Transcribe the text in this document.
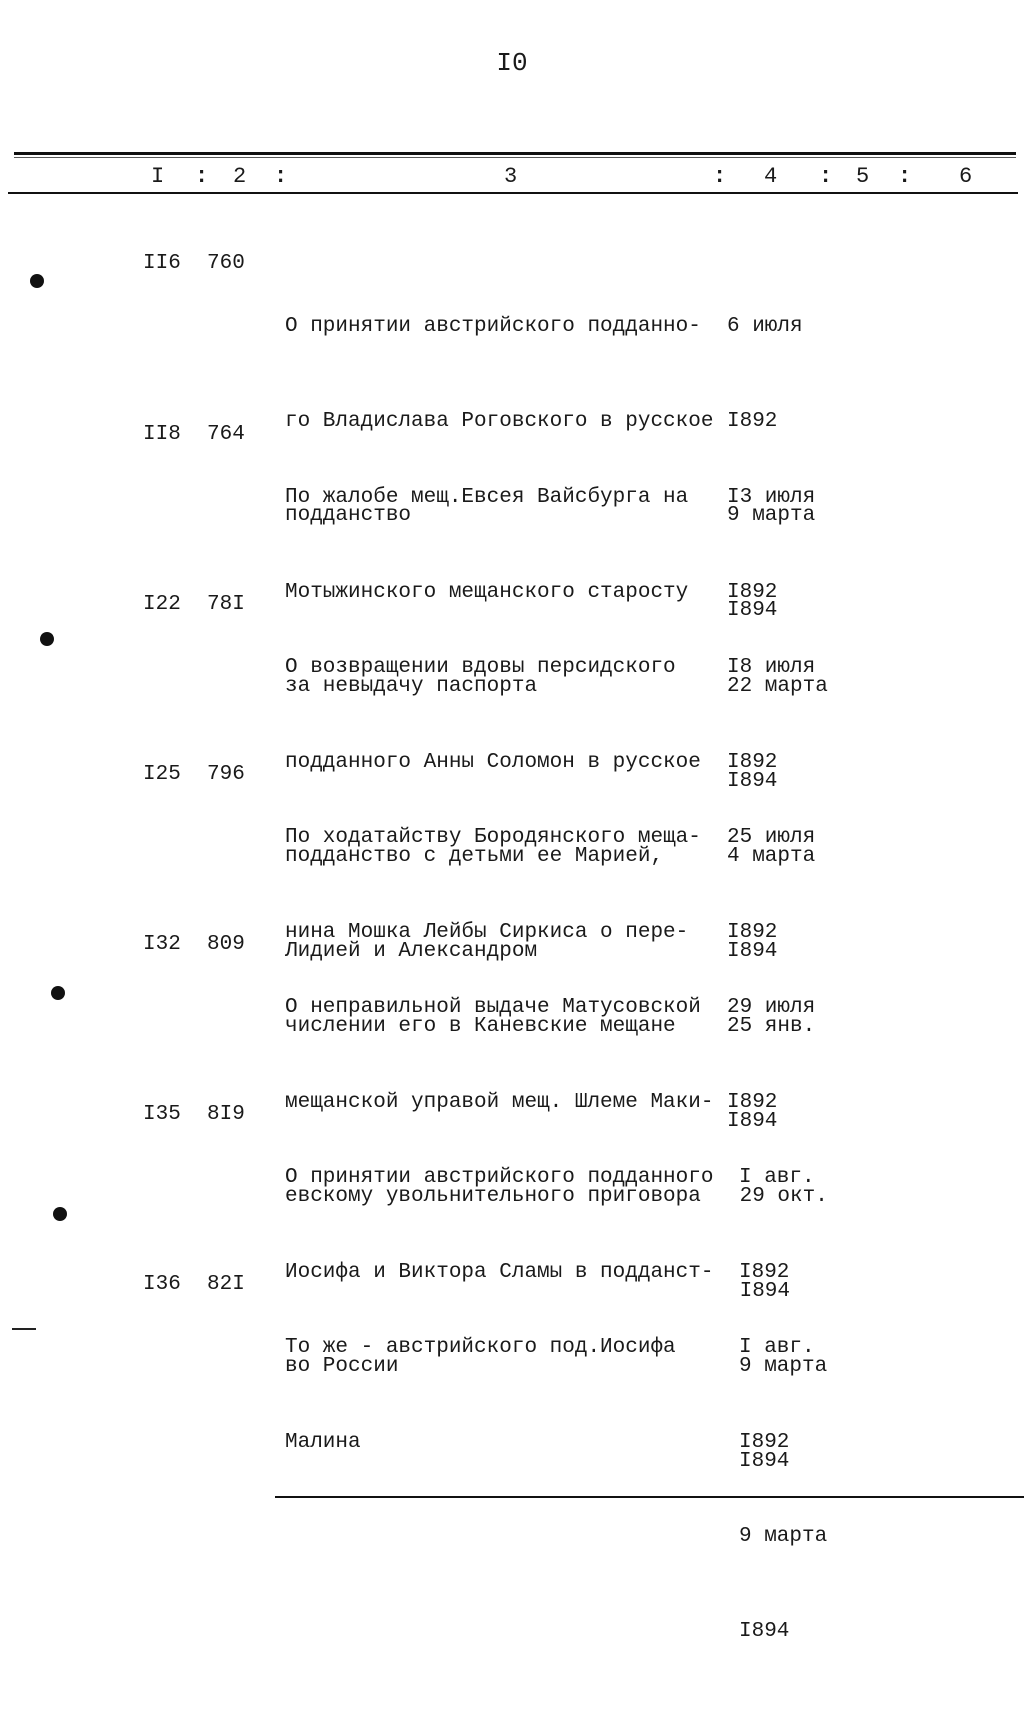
I0
I : 2 :	3	: 4 : 5 : 6
II6 760

О принятии австрийского подданно-

го Владислава Роговского в русское

подданство

6 июля

I892

9 марта

I894

II8 764

По жалобе мещ.Евсея Вайсбурга на

Мотыжинского мещанского старосту

за невыдачу паспорта

I3 июля

I892

22 марта

I894

I22 78I

О возвращении вдовы персидского

подданного Анны Соломон в русское

подданство с детьми ее Марией,

Лидией и Александром

I8 июля

I892

4 марта

I894

I25 796

По ходатайству Бородянского меща-

нина Мошка Лейбы Сиркиса о пере-

числении его в Каневские мещане

25 июля

I892

25 янв.

I894

I32 809

О неправильной выдаче Матусовской

мещанской управой мещ. Шлеме Маки-

евскому увольнительного приговора

29 июля

I892

29 окт.

I894

I35 8I9

О принятии австрийского подданного

Иосифа и Виктора Сламы в подданст-

во России

I авг.

I892

9 марта

I894

I36 82I

То же - австрийского под.Иосифа

Малина

I авг.

I892

9 марта

I894
